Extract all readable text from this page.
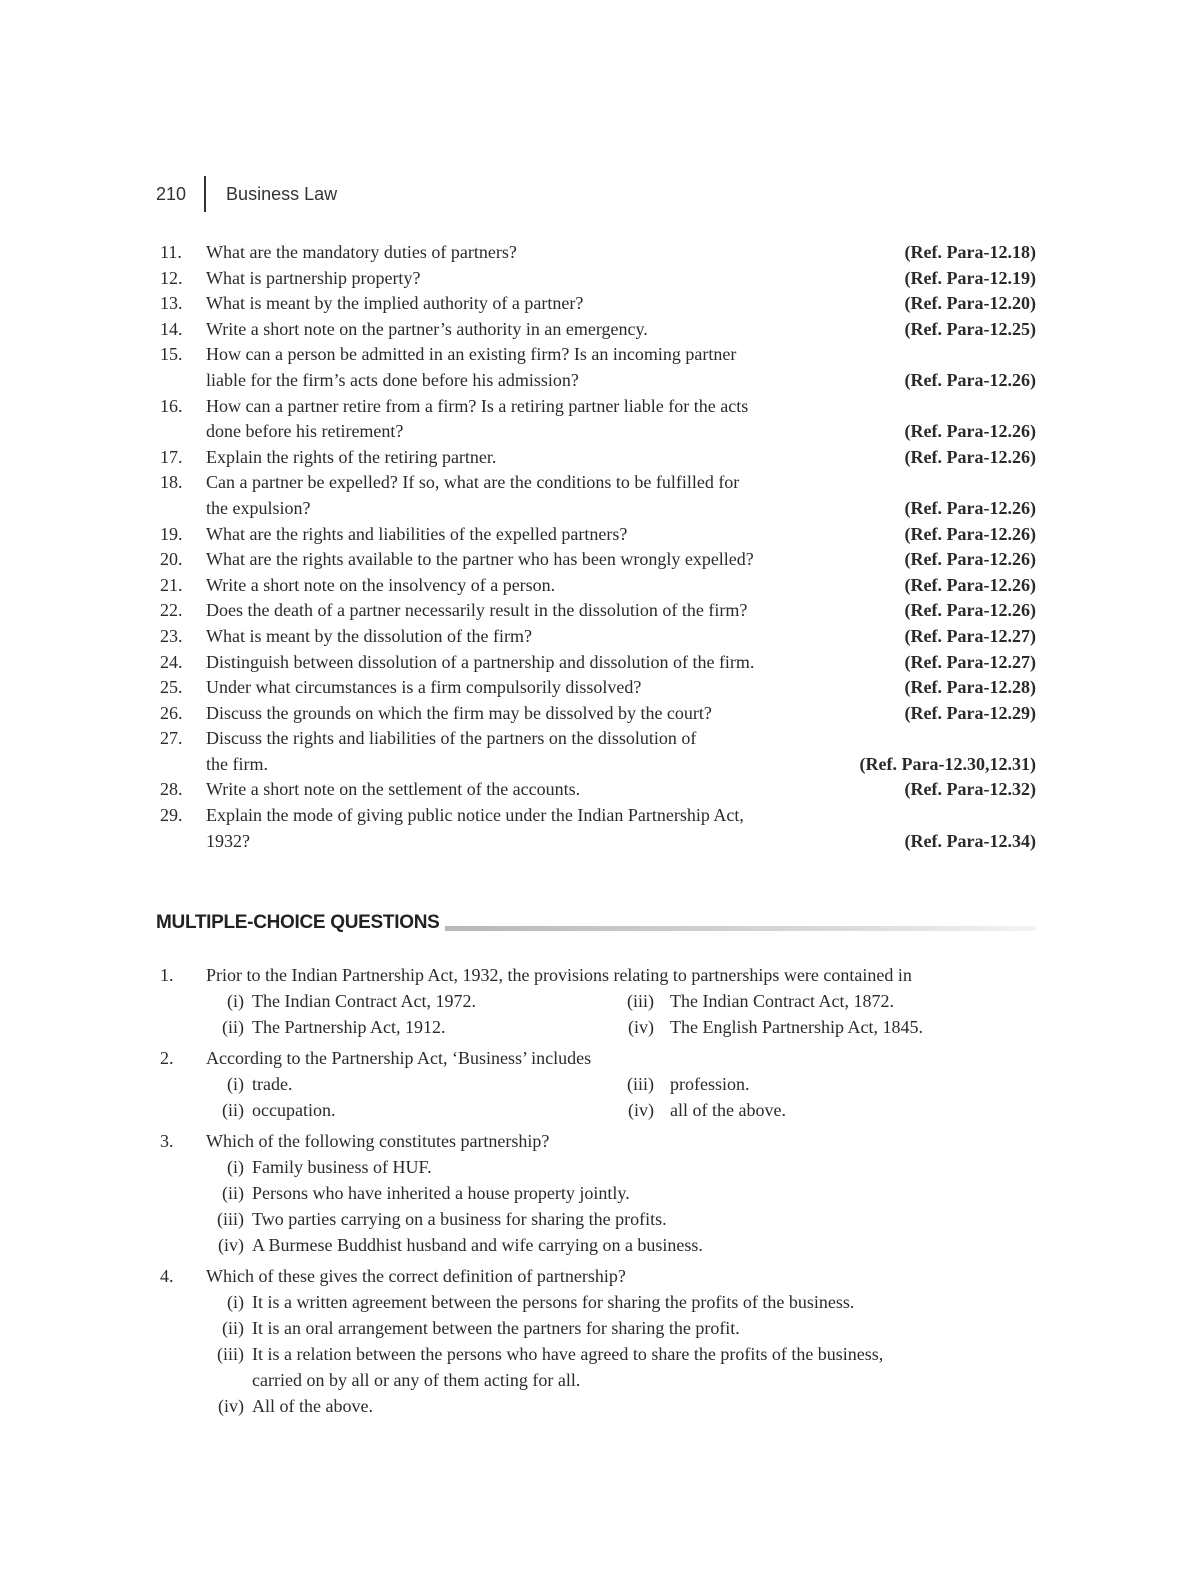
210 Business Law
11.	What are the mandatory duties of partners?	(Ref. Para-12.18)
12.	What is partnership property?	(Ref. Para-12.19)
13.	What is meant by the implied authority of a partner?	(Ref. Para-12.20)
14.	Write a short note on the partner’s authority in an emergency.	(Ref. Para-12.25)
15.	How can a person be admitted in an existing firm? Is an incoming partner
liable for the firm’s acts done before his admission?	(Ref. Para-12.26)
16.	How can a partner retire from a firm? Is a retiring partner liable for the acts
done before his retirement?	(Ref. Para-12.26)
17.	Explain the rights of the retiring partner.	(Ref. Para-12.26)
18.	Can a partner be expelled? If so, what are the conditions to be fulfilled for
the expulsion?	(Ref. Para-12.26)
19.	What are the rights and liabilities of the expelled partners?	(Ref. Para-12.26)
20.	What are the rights available to the partner who has been wrongly expelled?	(Ref. Para-12.26)
21.	Write a short note on the insolvency of a person.	(Ref. Para-12.26)
22.	Does the death of a partner necessarily result in the dissolution of the firm?	(Ref. Para-12.26)
23.	What is meant by the dissolution of the firm?	(Ref. Para-12.27)
24.	Distinguish between dissolution of a partnership and dissolution of the firm.	(Ref. Para-12.27)
25.	Under what circumstances is a firm compulsorily dissolved?	(Ref. Para-12.28)
26.	Discuss the grounds on which the firm may be dissolved by the court?	(Ref. Para-12.29)
27.	Discuss the rights and liabilities of the partners on the dissolution of
the firm.	(Ref. Para-12.30,12.31)
28.	Write a short note on the settlement of the accounts.	(Ref. Para-12.32)
29.	Explain the mode of giving public notice under the Indian Partnership Act,
1932?	(Ref. Para-12.34)
MULTIPLE-CHOICE QUESTIONS
1.	Prior to the Indian Partnership Act, 1932, the provisions relating to partnerships were contained in
(i) The Indian Contract Act, 1972.	(iii) The Indian Contract Act, 1872.
(ii) The Partnership Act, 1912.	(iv) The English Partnership Act, 1845.
2.	According to the Partnership Act, ‘Business’ includes
(i) trade.	(iii) profession.
(ii) occupation.	(iv) all of the above.
3.	Which of the following constitutes partnership?
(i) Family business of HUF.
(ii) Persons who have inherited a house property jointly.
(iii) Two parties carrying on a business for sharing the profits.
(iv) A Burmese Buddhist husband and wife carrying on a business.
4.	Which of these gives the correct definition of partnership?
(i) It is a written agreement between the persons for sharing the profits of the business.
(ii) It is an oral arrangement between the partners for sharing the profit.
(iii) It is a relation between the persons who have agreed to share the profits of the business,
carried on by all or any of them acting for all.
(iv) All of the above.
